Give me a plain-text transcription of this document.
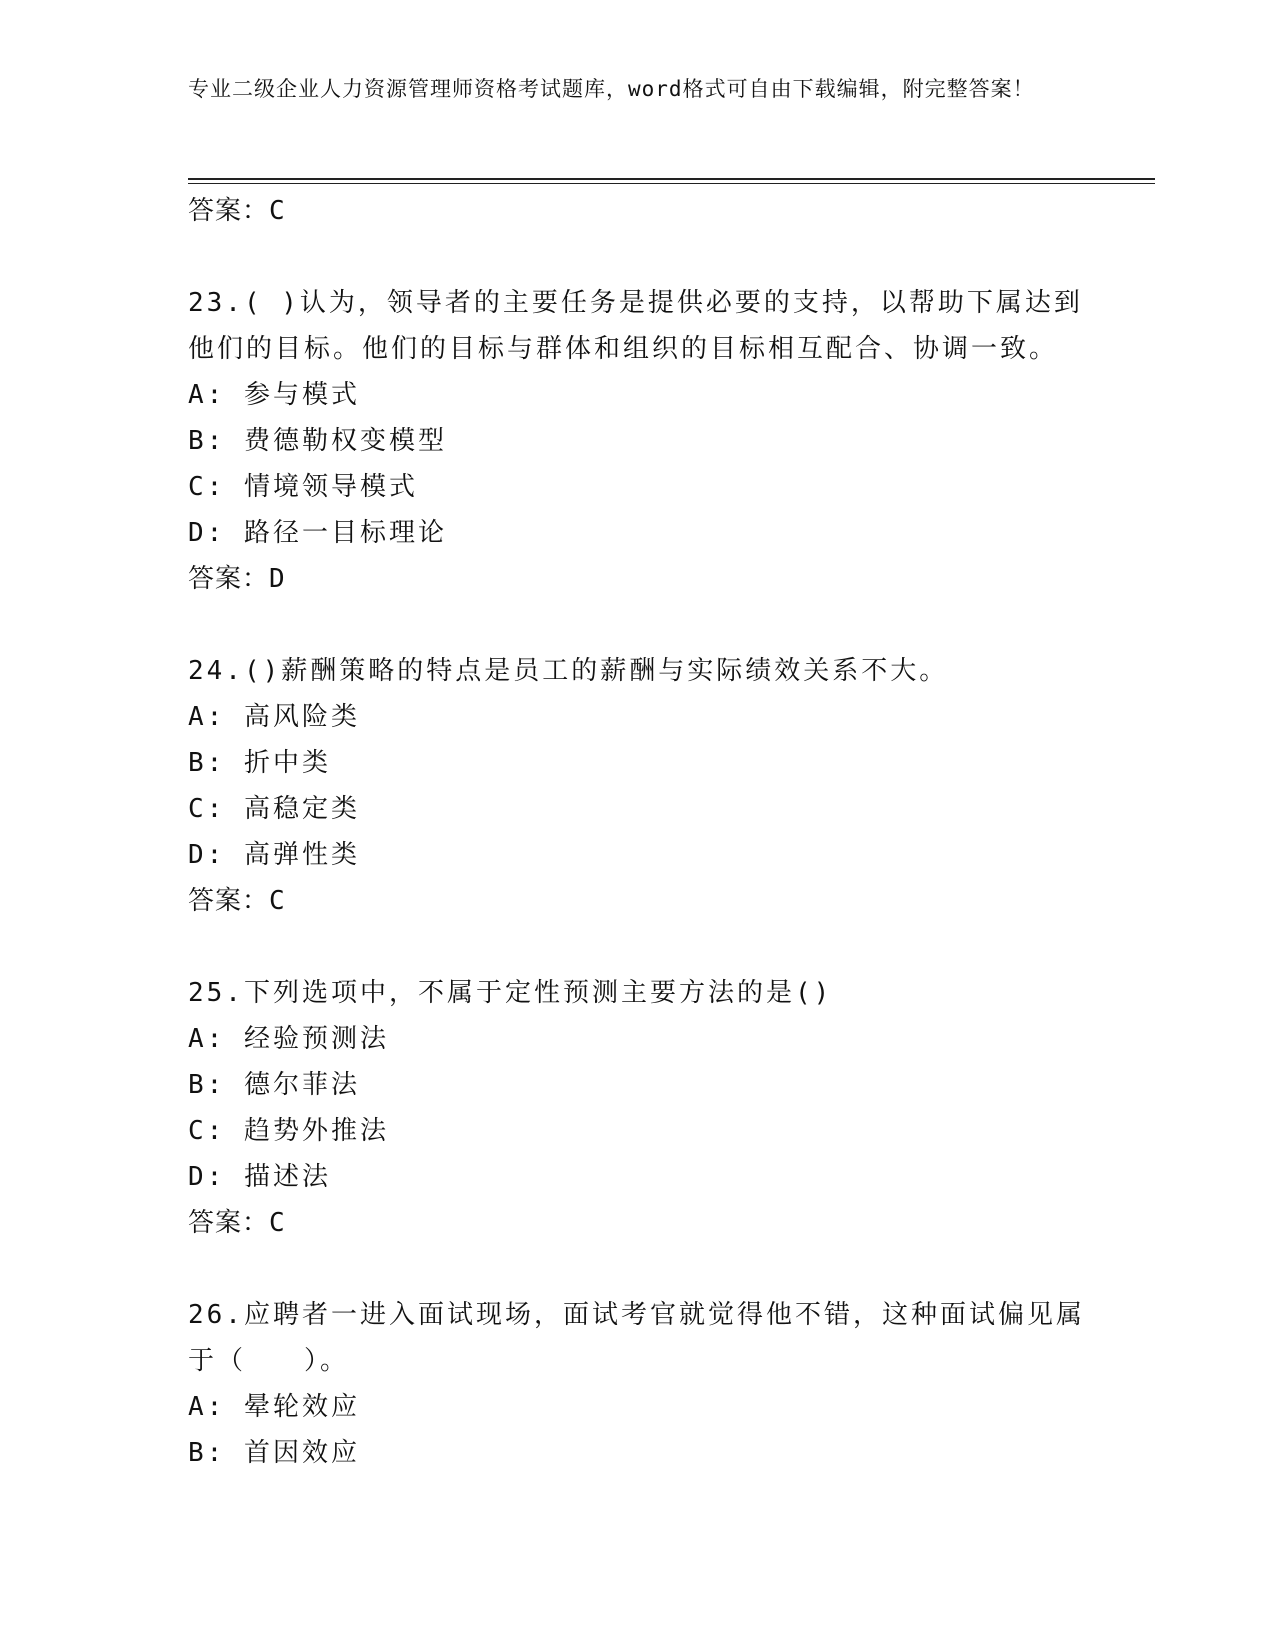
专业二级企业人力资源管理师资格考试题库，word格式可自由下载编辑，附完整答案！
答案：C
23.( )认为，领导者的主要任务是提供必要的支持，以帮助下属达到
他们的目标。他们的目标与群体和组织的目标相互配合、协调一致。
A: 参与模式
B: 费德勒权变模型
C: 情境领导模式
D: 路径一目标理论
答案：D
24.()薪酬策略的特点是员工的薪酬与实际绩效关系不大。
A: 高风险类
B: 折中类
C: 高稳定类
D: 高弹性类
答案：C
25.下列选项中，不属于定性预测主要方法的是()
A: 经验预测法
B: 德尔菲法
C: 趋势外推法
D: 描述法
答案：C
26.应聘者一进入面试现场，面试考官就觉得他不错，这种面试偏见属
于（　　）。
A: 晕轮效应
B: 首因效应
